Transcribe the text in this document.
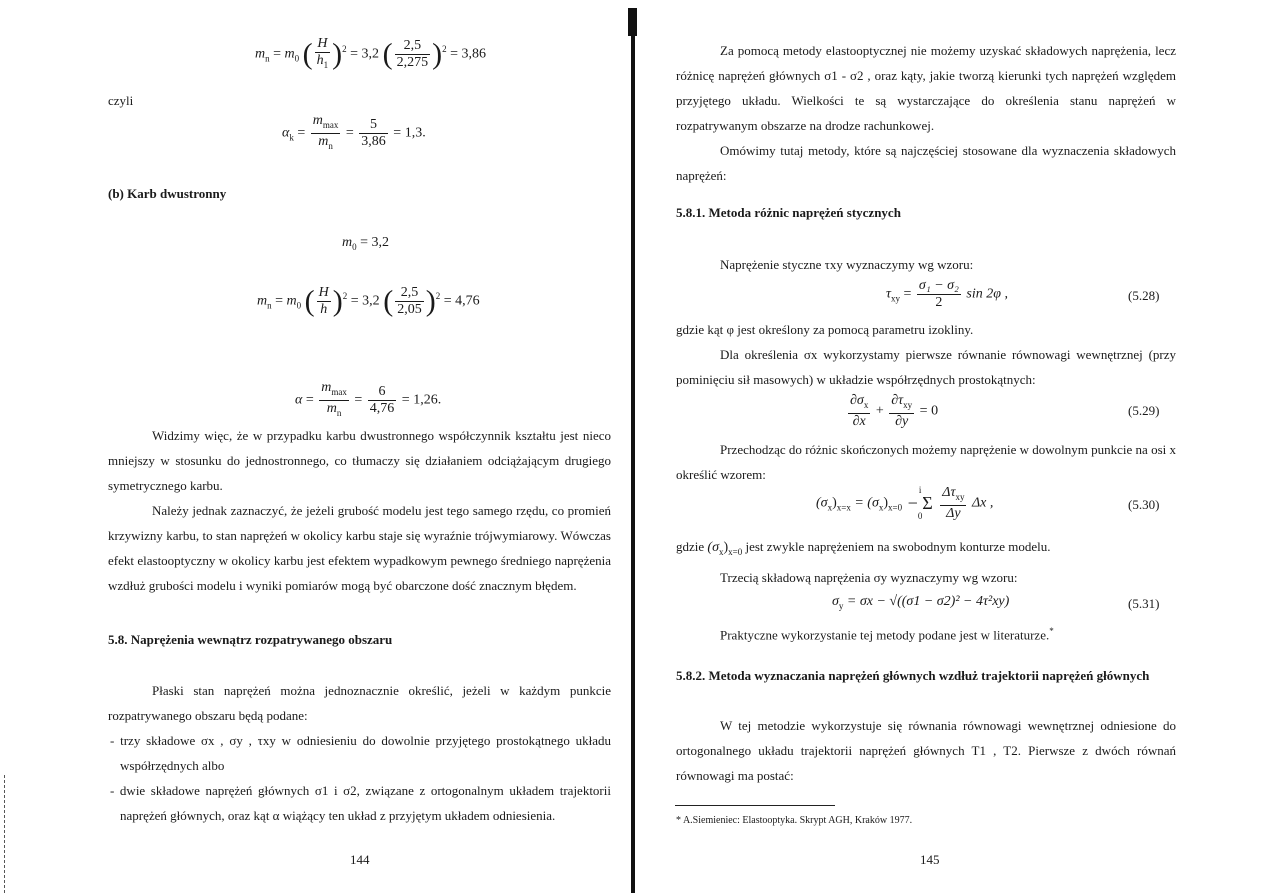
$m_n = m_0$ ( $\frac{H}{h_1} )^2 = 3,2$ ( $\frac{2,5}{2,275} )^2 = 3,86$
czyli
$\alpha_k = \frac{m_{max}}{m_n} = \frac{5}{3,86} = 1,3$.
(b) Karb dwustronny
$m_0 = 3,2$
$m_n = m_0$ ( $\frac{H}{h} )^2 = 3,2$ ( $\frac{2,5}{2,05} )^2 = 4,76$
$\alpha = \frac{m_{max}}{m_n} = \frac{6}{4,76} = 1,26$.

Widzimy więc, że w przypadku karbu dwustronnego współczynnik kształtu jest nieco mniejszy w stosunku do jednostronnego, co tłumaczy się działaniem odciążającym drugiego symetrycznego karbu.

Należy jednak zaznaczyć, że jeżeli grubość modelu jest tego samego rzędu, co promień krzywizny karbu, to stan naprężeń w okolicy karbu staje się wyraźnie trójwymiarowy. Wówczas efekt elastooptyczny w okolicy karbu jest efektem wypadkowym pewnego średniego naprężenia wzdłuż grubości modelu i wyniki pomiarów mogą być obarczone dość znacznym błędem.

5.8. Naprężenia wewnątrz rozpatrywanego obszaru

Płaski stan naprężeń można jednoznacznie określić, jeżeli w każdym punkcie rozpatrywanego obszaru będą podane:

- trzy składowe σx , σy , τxy w odniesieniu do dowolnie przyjętego prostokątnego układu współrzędnych albo

- dwie składowe naprężeń głównych σ1 i σ2, związane z ortogonalnym układem trajektorii naprężeń głównych, oraz kąt α wiążący ten układ z przyjętym układem odniesienia.

144

Za pomocą metody elastooptycznej nie możemy uzyskać składowych naprężenia, lecz różnicę naprężeń głównych σ1 - σ2 , oraz kąty, jakie tworzą kierunki tych naprężeń względem przyjętego układu. Wielkości te są wystarczające do określenia stanu naprężeń w rozpatrywanym obszarze na drodze rachunkowej.

Omówimy tutaj metody, które są najczęściej stosowane dla wyznaczenia składowych naprężeń:

5.8.1. Metoda różnic naprężeń stycznych

Naprężenie styczne τxy wyznaczymy wg wzoru:

$\tau_{xy} = \frac{\text{σ₁ − σ₂}}{2}$ sin 2φ ,	(5.28)

gdzie kąt φ jest określony za pomocą parametru izokliny.

Dla określenia σx wykorzystamy pierwsze równanie równowagi wewnętrznej (przy pominięciu sił masowych) w układzie współrzędnych prostokątnych:

$\frac{\partial\sigma_x}{\partial x} + \frac{\partial\tau_{xy}}{\partial y} = 0$	(5.29)

Przechodząc do różnic skończonych możemy naprężenie w dowolnym punkcie na osi x określić wzorem:

$(\sigma_x)_{x=x} = (\sigma_x)_{x=0}$
i
− Σ
0
	$\frac{\Delta\tau_{xy}}{\Delta y}$ Δx ,	(5.30)

gdzie $(\sigma_x)_{x=0}$ jest zwykle naprężeniem na swobodnym konturze modelu.

Trzecią składową naprężenia σy wyznaczymy wg wzoru:

$\sigma_y = \sigma x - √((\sigma 1 - \sigma 2)^2 - 4\tau^2xy)$	(5.31)

Praktyczne wykorzystanie tej metody podane jest w literaturze.*

5.8.2. Metoda wyznaczania naprężeń głównych wzdłuż trajektorii naprężeń głównych

W tej metodzie wykorzystuje się równania równowagi wewnętrznej odniesione do ortogonalnego układu trajektorii naprężeń głównych T1 , T2. Pierwsze z dwóch równań równowagi ma postać:

* A.Siemieniec: Elastooptyka. Skrypt AGH, Kraków 1977.
145
